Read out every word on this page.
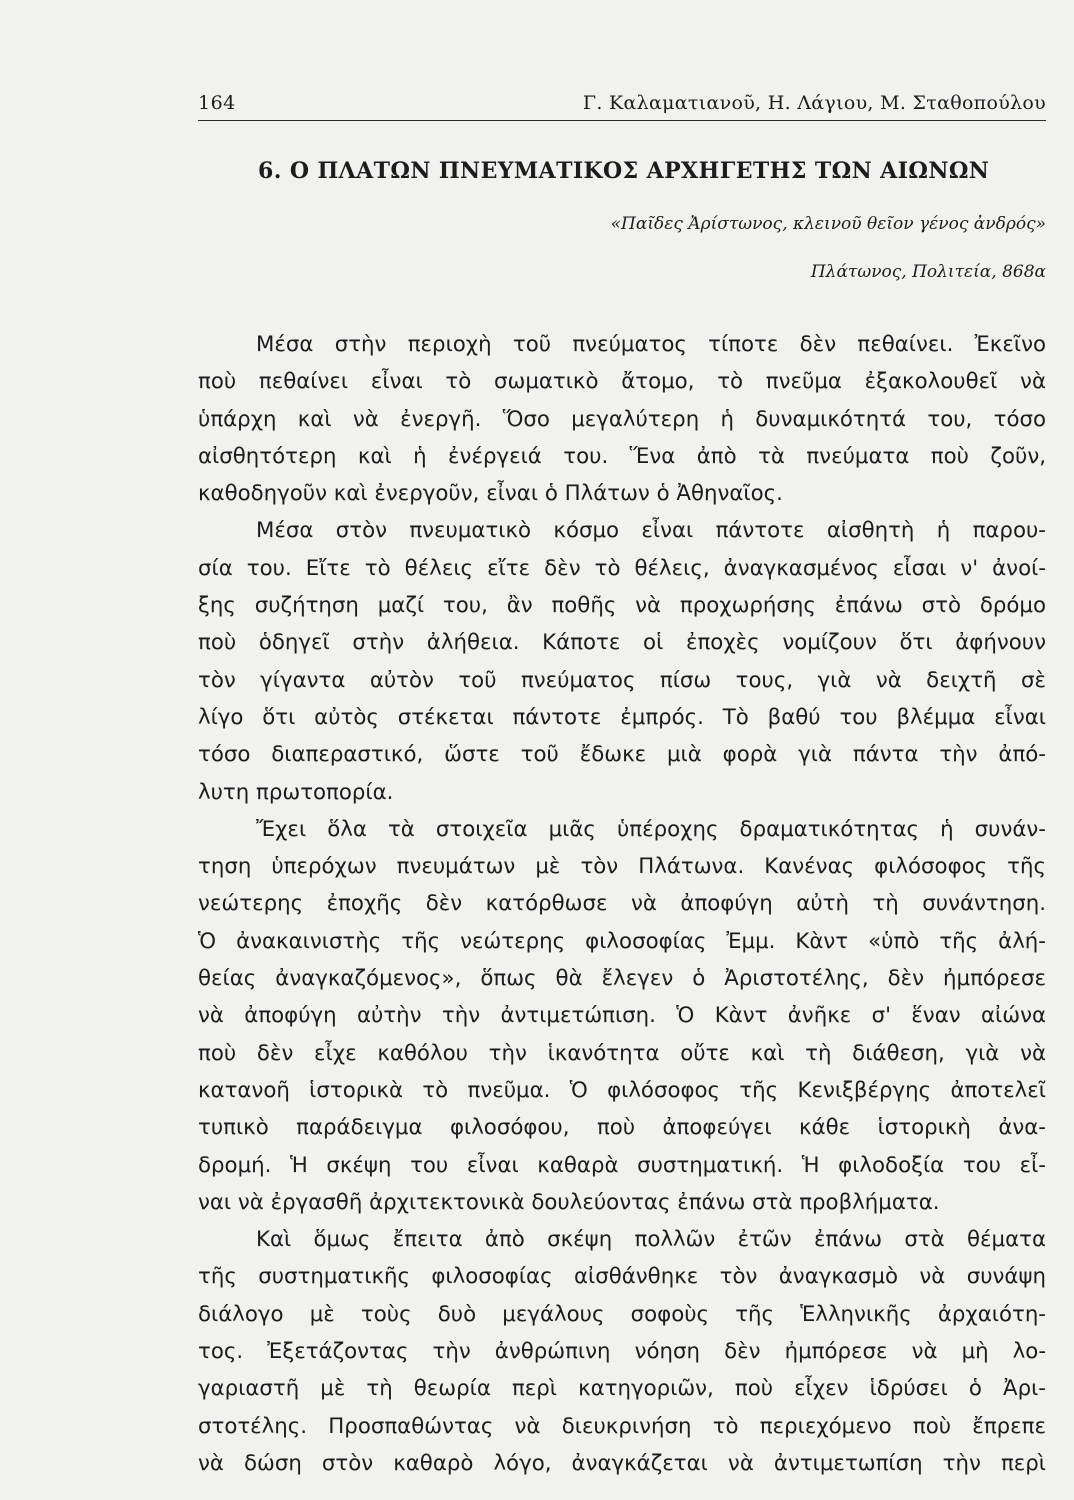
164	Γ. Καλαματιανοῦ, Η. Λάγιου, Μ. Σταθοπούλου
6. Ο ΠΛΑΤΩΝ ΠΝΕΥΜΑΤΙΚΟΣ ΑΡΧΗΓΕΤΗΣ ΤΩΝ ΑΙΩΝΩΝ
«Παῖδες Ἀρίστωνος, κλεινοῦ θεῖον γένος ἀνδρός»
Πλάτωνος, Πολιτεία, 868α
Μέσα στὴν περιοχὴ τοῦ πνεύματος τίποτε δὲν πεθαίνει. Ἐκεῖνο
ποὺ πεθαίνει εἶναι τὸ σωματικὸ ἄτομο, τὸ πνεῦμα ἐξακολουθεῖ νὰ
ὑπάρχη καὶ νὰ ἐνεργῆ. Ὅσο μεγαλύτερη ἡ δυναμικότητά του, τόσο
αἰσθητότερη καὶ ἡ ἐνέργειά του. Ἕνα ἀπὸ τὰ πνεύματα ποὺ ζοῦν,
καθοδηγοῦν καὶ ἐνεργοῦν, εἶναι ὁ Πλάτων ὁ Ἀθηναῖος.
Μέσα στὸν πνευματικὸ κόσμο εἶναι πάντοτε αἰσθητὴ ἡ παρου-
σία του. Εἴτε τὸ θέλεις εἴτε δὲν τὸ θέλεις, ἀναγκασμένος εἶσαι ν' ἀνοί-
ξης συζήτηση μαζί του, ἂν ποθῆς νὰ προχωρήσης ἐπάνω στὸ δρόμο
ποὺ ὁδηγεῖ στὴν ἀλήθεια. Κάποτε οἱ ἐποχὲς νομίζουν ὅτι ἀφήνουν
τὸν γίγαντα αὐτὸν τοῦ πνεύματος πίσω τους, γιὰ νὰ δειχτῆ σὲ
λίγο ὅτι αὐτὸς στέκεται πάντοτε ἐμπρός. Τὸ βαθύ του βλέμμα εἶναι
τόσο διαπεραστικό, ὥστε τοῦ ἔδωκε μιὰ φορὰ γιὰ πάντα τὴν ἀπό-
λυτη πρωτοπορία.
Ἔχει ὅλα τὰ στοιχεῖα μιᾶς ὑπέροχης δραματικότητας ἡ συνάν-
τηση ὑπερόχων πνευμάτων μὲ τὸν Πλάτωνα. Κανένας φιλόσοφος τῆς
νεώτερης ἐποχῆς δὲν κατόρθωσε νὰ ἀποφύγη αὐτὴ τὴ συνάντηση.
Ὁ ἀνακαινιστὴς τῆς νεώτερης φιλοσοφίας Ἐμμ. Κὰντ «ὑπὸ τῆς ἀλή-
θείας ἀναγκαζόμενος», ὅπως θὰ ἔλεγεν ὁ Ἀριστοτέλης, δὲν ἠμπόρεσε
νὰ ἀποφύγη αὐτὴν τὴν ἀντιμετώπιση. Ὁ Κὰντ ἀνῆκε σ' ἕναν αἰώνα
ποὺ δὲν εἶχε καθόλου τὴν ἱκανότητα οὔτε καὶ τὴ διάθεση, γιὰ νὰ
κατανοῆ ἱστορικὰ τὸ πνεῦμα. Ὁ φιλόσοφος τῆς Κενιξβέργης ἀποτελεῖ
τυπικὸ παράδειγμα φιλοσόφου, ποὺ ἀποφεύγει κάθε ἱστορικὴ ἀνα-
δρομή. Ἡ σκέψη του εἶναι καθαρὰ συστηματική. Ἡ φιλοδοξία του εἶ-
ναι νὰ ἐργασθῆ ἀρχιτεκτονικὰ δουλεύοντας ἐπάνω στὰ προβλήματα.
Καὶ ὅμως ἔπειτα ἀπὸ σκέψη πολλῶν ἐτῶν ἐπάνω στὰ θέματα
τῆς συστηματικῆς φιλοσοφίας αἰσθάνθηκε τὸν ἀναγκασμὸ νὰ συνάψη
διάλογο μὲ τοὺς δυὸ μεγάλους σοφοὺς τῆς Ἑλληνικῆς ἀρχαιότη-
τος. Ἐξετάζοντας τὴν ἀνθρώπινη νόηση δὲν ἠμπόρεσε νὰ μὴ λο-
γαριαστῆ μὲ τὴ θεωρία περὶ κατηγοριῶν, ποὺ εἶχεν ἱδρύσει ὁ Ἀρι-
στοτέλης. Προσπαθώντας νὰ διευκρινήση τὸ περιεχόμενο ποὺ ἔπρεπε
νὰ δώση στὸν καθαρὸ λόγο, ἀναγκάζεται νὰ ἀντιμετωπίση τὴν περὶ
